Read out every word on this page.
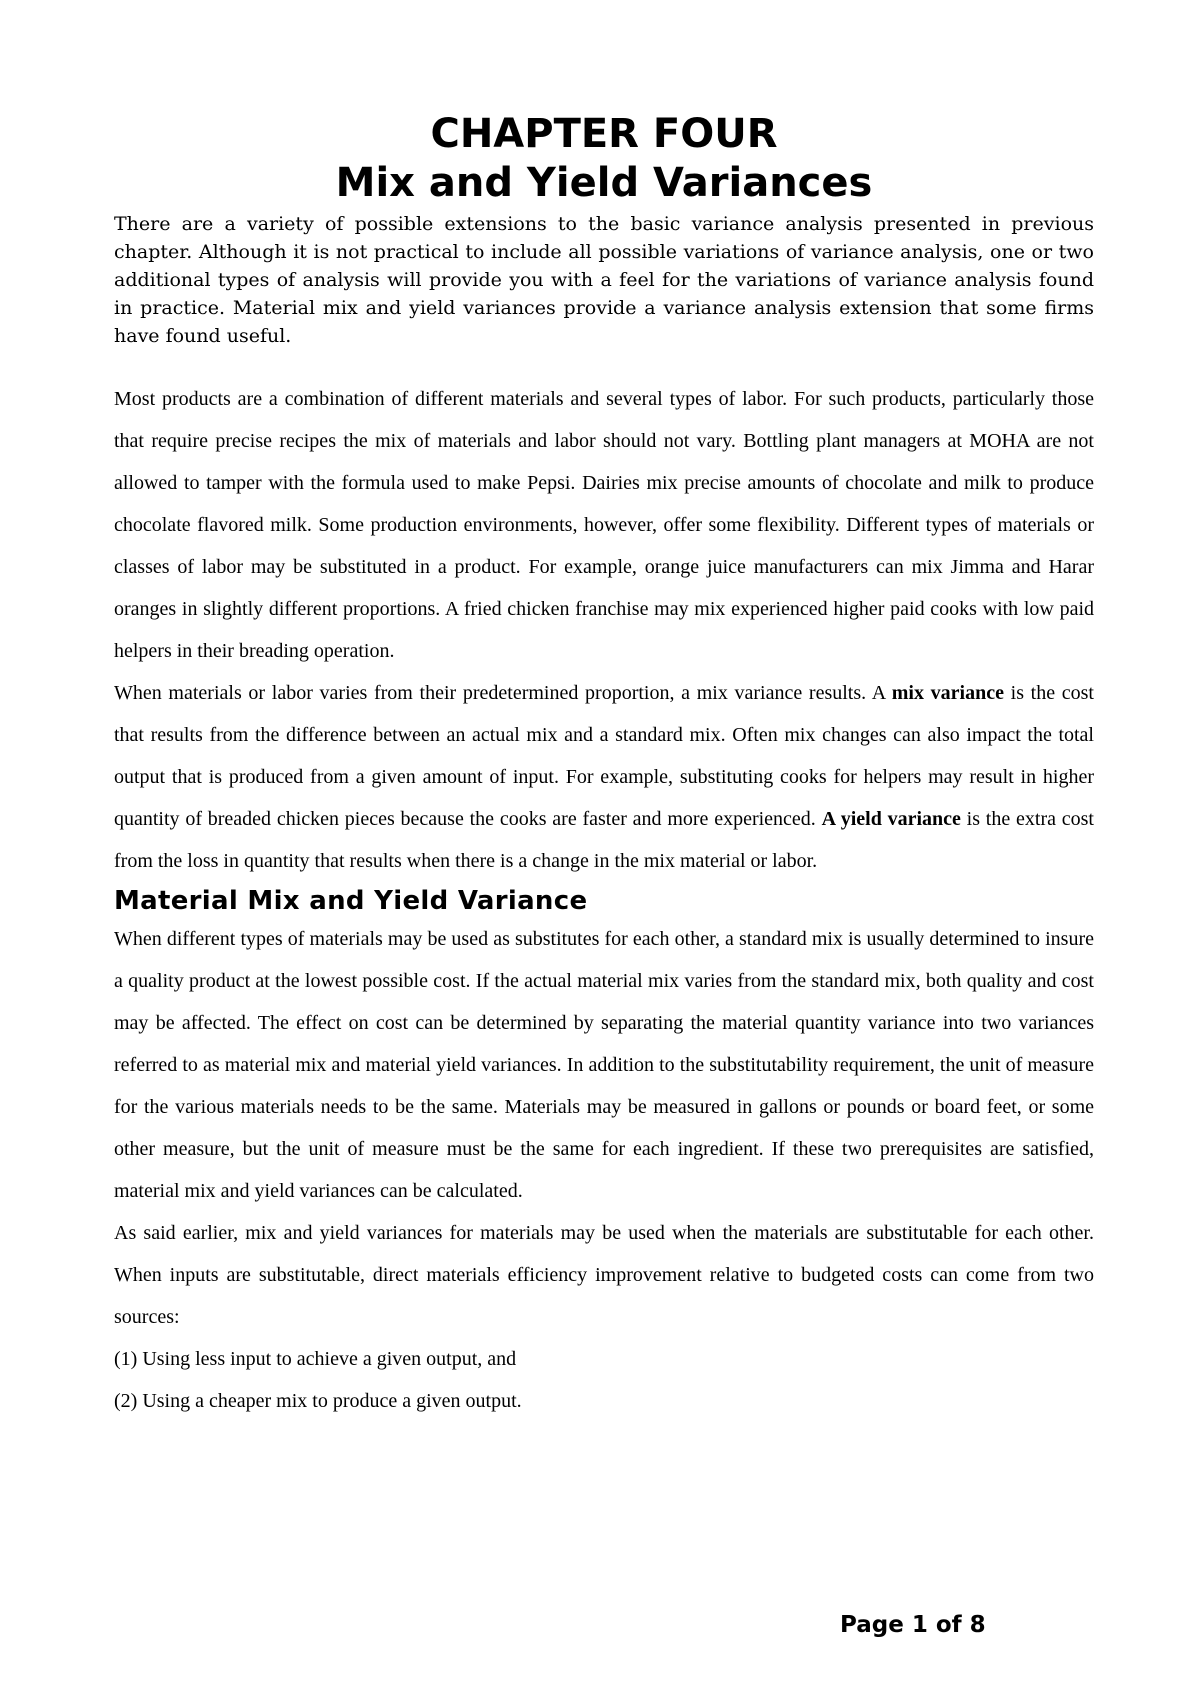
CHAPTER FOUR
Mix and Yield Variances

There are a variety of possible extensions to the basic variance analysis presented in previous chapter. Although it is not practical to include all possible variations of variance analysis, one or two additional types of analysis will provide you with a feel for the variations of variance analysis found in practice. Material mix and yield variances provide a variance analysis extension that some firms have found useful.

Most products are a combination of different materials and several types of labor. For such products, particularly those that require precise recipes the mix of materials and labor should not vary. Bottling plant managers at MOHA are not allowed to tamper with the formula used to make Pepsi. Dairies mix precise amounts of chocolate and milk to produce chocolate flavored milk. Some production environments, however, offer some flexibility. Different types of materials or classes of labor may be substituted in a product. For example, orange juice manufacturers can mix Jimma and Harar oranges in slightly different proportions. A fried chicken franchise may mix experienced higher paid cooks with low paid helpers in their breading operation.

When materials or labor varies from their predetermined proportion, a mix variance results. A mix variance is the cost that results from the difference between an actual mix and a standard mix. Often mix changes can also impact the total output that is produced from a given amount of input. For example, substituting cooks for helpers may result in higher quantity of breaded chicken pieces because the cooks are faster and more experienced. A yield variance is the extra cost from the loss in quantity that results when there is a change in the mix material or labor.

Material Mix and Yield Variance

When different types of materials may be used as substitutes for each other, a standard mix is usually determined to insure a quality product at the lowest possible cost. If the actual material mix varies from the standard mix, both quality and cost may be affected. The effect on cost can be determined by separating the material quantity variance into two variances referred to as material mix and material yield variances. In addition to the substitutability requirement, the unit of measure for the various materials needs to be the same. Materials may be measured in gallons or pounds or board feet, or some other measure, but the unit of measure must be the same for each ingredient. If these two prerequisites are satisfied, material mix and yield variances can be calculated.

As said earlier, mix and yield variances for materials may be used when the materials are substitutable for each other. When inputs are substitutable, direct materials efficiency improvement relative to budgeted costs can come from two sources:

(1) Using less input to achieve a given output, and

(2) Using a cheaper mix to produce a given output.

Page 1 of 8
